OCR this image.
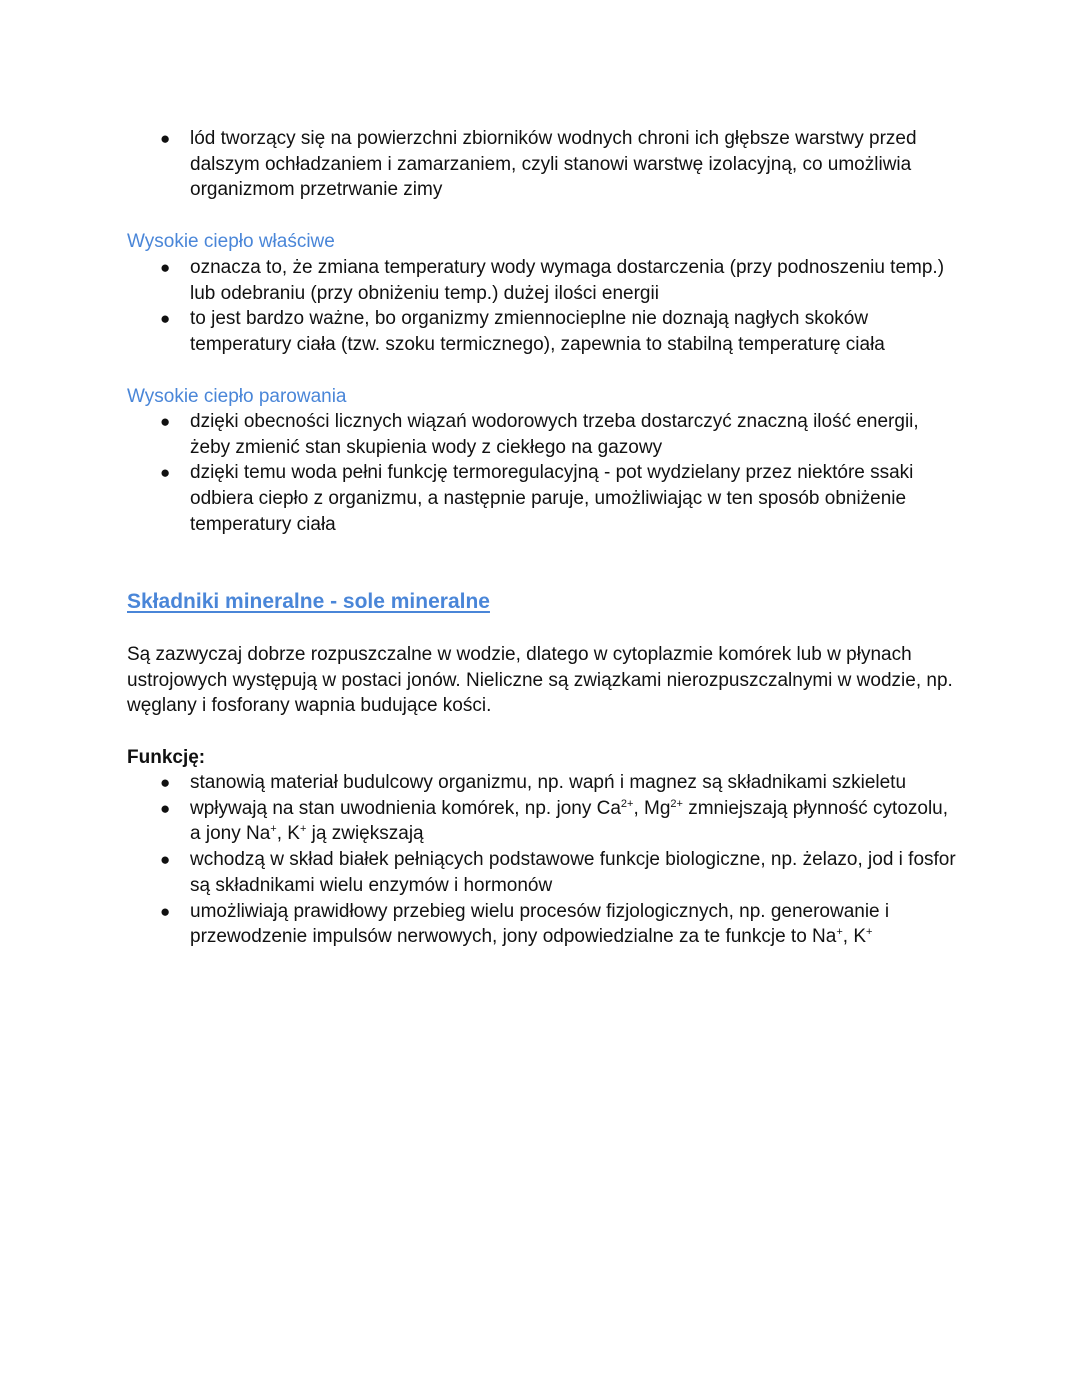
● lód tworzący się na powierzchni zbiorników wodnych chroni ich głębsze warstwy przed dalszym ochładzaniem i zamarzaniem, czyli stanowi warstwę izolacyjną, co umożliwia organizmom przetrwanie zimy
Wysokie ciepło właściwe
● oznacza to, że zmiana temperatury wody wymaga dostarczenia (przy podnoszeniu temp.) lub odebraniu (przy obniżeniu temp.) dużej ilości energii
● to jest bardzo ważne, bo organizmy zmiennocieplne nie doznają nagłych skoków temperatury ciała (tzw. szoku termicznego), zapewnia to stabilną temperaturę ciała
Wysokie ciepło parowania
● dzięki obecności licznych wiązań wodorowych trzeba dostarczyć znaczną ilość energii, żeby zmienić stan skupienia wody z ciekłego na gazowy
● dzięki temu woda pełni funkcję termoregulacyjną - pot wydzielany przez niektóre ssaki odbiera ciepło z organizmu, a następnie paruje, umożliwiając w ten sposób obniżenie temperatury ciała
Składniki mineralne - sole mineralne

Są zazwyczaj dobrze rozpuszczalne w wodzie, dlatego w cytoplazmie komórek lub w płynach ustrojowych występują w postaci jonów. Nieliczne są związkami nierozpuszczalnymi w wodzie, np. węglany i fosforany wapnia budujące kości.

Funkcję:
● stanowią materiał budulcowy organizmu, np. wapń i magnez są składnikami szkieletu
● wpływają na stan uwodnienia komórek, np. jony $Ca^{2+}$, $Mg^{2+}$ zmniejszają płynność cytozolu, a jony Na+, K+ ją zwiększają
● wchodzą w skład białek pełniących podstawowe funkcje biologiczne, np. żelazo, jod i fosfor są składnikami wielu enzymów i hormonów
● umożliwiają prawidłowy przebieg wielu procesów fizjologicznych, np. generowanie i przewodzenie impulsów nerwowych, jony odpowiedzialne za te funkcje to Na+, K+
